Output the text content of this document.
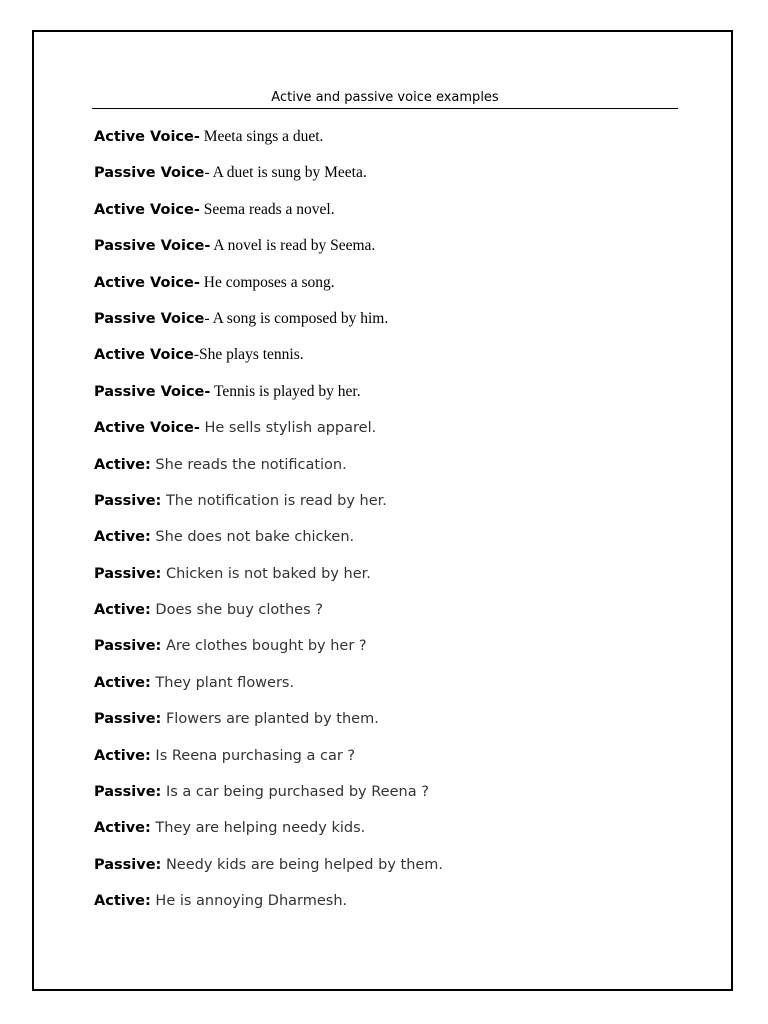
Active and passive voice examples
Active Voice- Meeta sings a duet.
Passive Voice- A duet is sung by Meeta.
Active Voice- Seema reads a novel.
Passive Voice- A novel is read by Seema.
Active Voice- He composes a song.
Passive Voice- A song is composed by him.
Active Voice-She plays tennis.
Passive Voice- Tennis is played by her.
Active Voice- He sells stylish apparel.
Active: She reads the notification.
Passive: The notification is read by her.
Active: She does not bake chicken.
Passive: Chicken is not baked by her.
Active: Does she buy clothes ?
Passive: Are clothes bought by her ?
Active: They plant flowers.
Passive: Flowers are planted by them.
Active: Is Reena purchasing a car ?
Passive: Is a car being purchased by Reena ?
Active: They are helping needy kids.
Passive: Needy kids are being helped by them.
Active: He is annoying Dharmesh.
